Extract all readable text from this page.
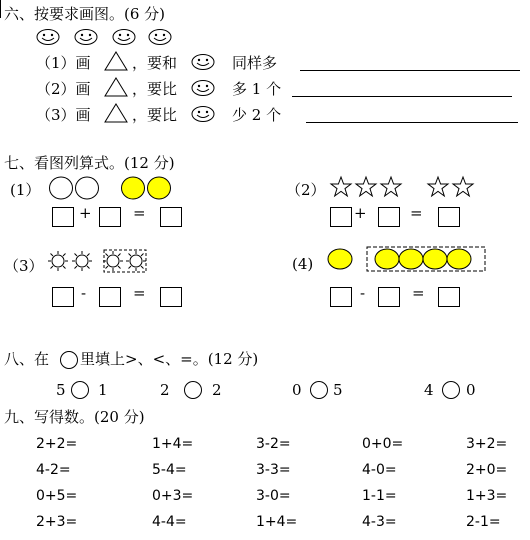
六、按要求画图。(6 分)
（1）画	，要和	同样多
（2）画	，要比	多 1 个
（3）画	，要比	少 2 个
七、看图列算式。(12 分)
(1）
+	=
（2）
+	=
（3）
-	=
(4)
-	=
八、在 里填上>、<、=。(12 分)
5 1	2	2	0 5	4 0
九、写得数。(20 分)
2+2=	1+4=	3-2=	0+0=	3+2=
4-2=	5-4=	3-3=	4-0=	2+0=
0+5=	0+3=	3-0=	1-1=	1+3=
2+3=	4-4=	1+4=	4-3=	2-1=
